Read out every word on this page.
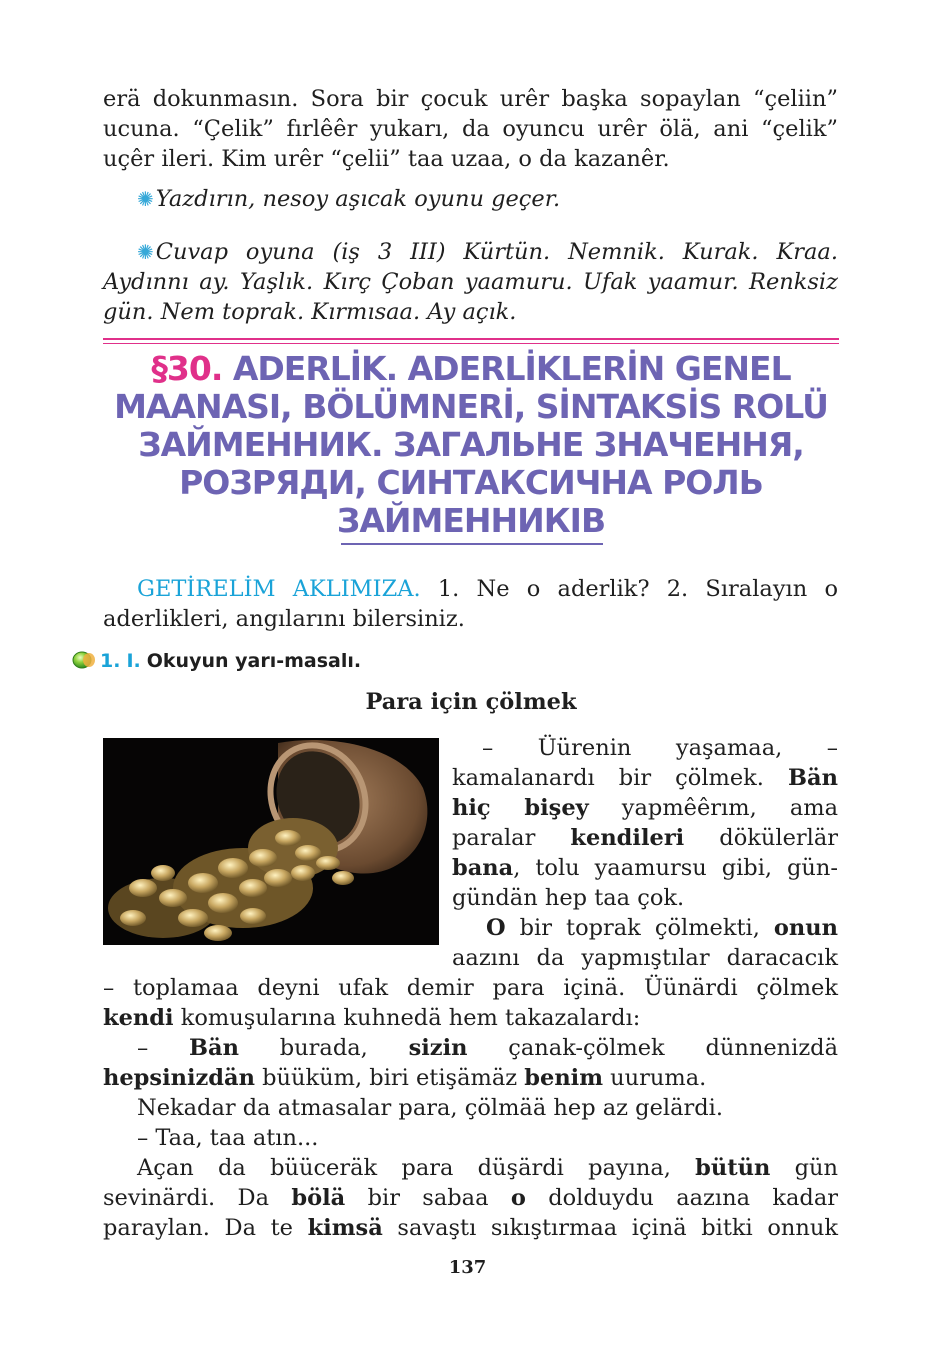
erä dokunmasın. Sora bir çocuk urêr başka sopaylan “çeliin”
ucuna. “Çelik” fırlêêr yukarı, da oyuncu urêr ölä, ani “çelik”
uçêr ileri. Kim urêr “çelii” taa uzaa, o da kazanêr.
✺Yazdırın, nesoy aşıcak oyunu geçer.
✺Cuvap oyuna (iş 3 III) Kürtün. Nemnik. Kurak. Kraa.
Aydınnı ay. Yaşlık. Kırç Çoban yaamuru. Ufak yaamur. Renksiz
gün. Nem toprak. Kırmısaa. Ay açık.
§30. ADERLİK. ADERLİKLERİN GENEL
MAANASI, BÖLÜMNERİ, SİNTAKSİS ROLÜ
ЗАЙМЕННИК. ЗАГАЛЬНЕ ЗНАЧЕННЯ,
РОЗРЯДИ, СИНТАКСИЧНА РОЛЬ
ЗАЙМЕННИКІВ
GETİRELİM AKLIMIZA. 1. Ne o aderlik? 2. Sıralayın o
aderlikleri, angılarını bilersiniz.
1. I. Okuyun yarı-masalı.
Para için çölmek
– Üürenin yaşamaa, –
kamalanardı bir çölmek. Bän
hiç bişey yapmêêrım, ama
paralar kendileri dökülerlär
bana, tolu yaamursu gibi, gün-
gündän hep taa çok.
O bir toprak çölmekti, onun
aazını da yapmıştılar daracacık
– toplamaa deyni ufak demir para içinä. Üünärdi çölmek
kendi komuşularına kuhnedä hem takazalardı:
– Bän burada, sizin çanak-çölmek dünnenizdä
hepsinizdän büüküm, biri etişämäz benim uuruma.
Nekadar da atmasalar para, çölmää hep az gelärdi.
– Taa, taa atın...
Açan da büüceräk para düşärdi payına, bütün gün
sevinärdi. Da bölä bir sabaa o dolduydu aazına kadar
paraylan. Da te kimsä savaştı sıkıştırmaa içinä bitki onnuk
137
